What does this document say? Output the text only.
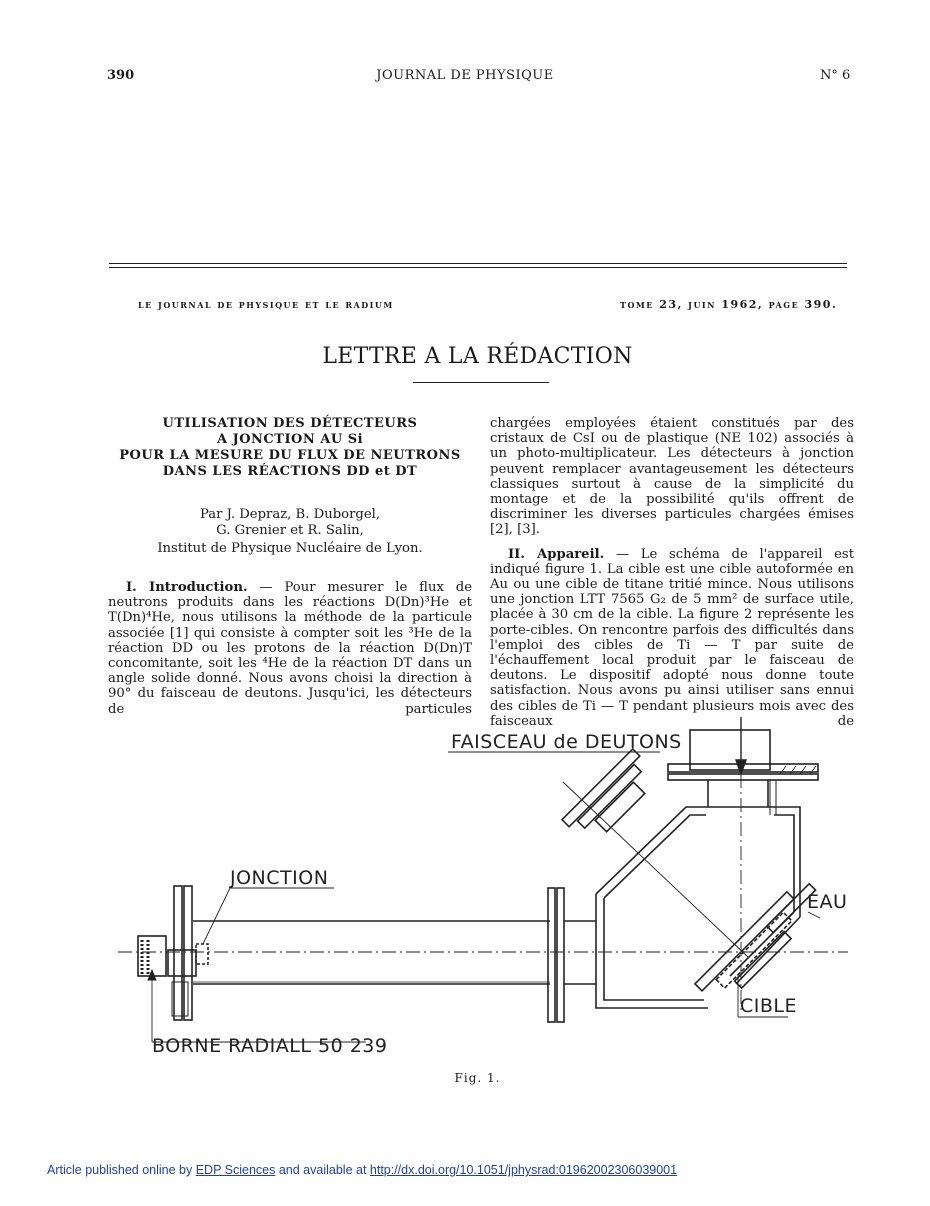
390	JOURNAL DE PHYSIQUE	N° 6
le journal de physique et le radium	tome 23, juin 1962, page 390.
LETTRE A LA RÉDACTION
UTILISATION DES DÉTECTEURS
A JONCTION AU Si
POUR LA MESURE DU FLUX DE NEUTRONS
DANS LES RÉACTIONS DD et DT
Par J. Depraz, B. Duborgel,
G. Grenier et R. Salin,
Institut de Physique Nucléaire de Lyon.

I. Introduction. — Pour mesurer le flux de neutrons produits dans les réactions D(Dn)³He et T(Dn)⁴He, nous utilisons la méthode de la particule associée [1] qui consiste à compter soit les ³He de la réaction DD ou les protons de la réaction D(Dn)T concomitante, soit les ⁴He de la réaction DT dans un angle solide donné. Nous avons choisi la direction à 90° du faisceau de deutons. Jusqu'ici, les détecteurs de particules

chargées employées étaient constitués par des cristaux de CsI ou de plastique (NE 102) associés à un photo-multiplicateur. Les détecteurs à jonction peuvent remplacer avantageusement les détecteurs classiques surtout à cause de la simplicité du montage et de la possibilité qu'ils offrent de discriminer les diverses particules chargées émises [2], [3].

II. Appareil. — Le schéma de l'appareil est indiqué figure 1. La cible est une cible autoformée en Au ou une cible de titane tritié mince. Nous utilisons une jonction LTT 7565 G₂ de 5 mm² de surface utile, placée à 30 cm de la cible. La figure 2 représente les porte-cibles. On rencontre parfois des difficultés dans l'emploi des cibles de Ti — T par suite de l'échauffement local produit par le faisceau de deutons. Le dispositif adopté nous donne toute satisfaction. Nous avons pu ainsi utiliser sans ennui des cibles de Ti — T pendant plusieurs mois avec des faisceaux de

FAISCEAU de DEUTONS
JONCTION
EAU
CIBLE
BORNE RADIALL 50 239
Fig. 1.
Article published online by EDP Sciences and available at http://dx.doi.org/10.1051/jphysrad:01962002306039001
